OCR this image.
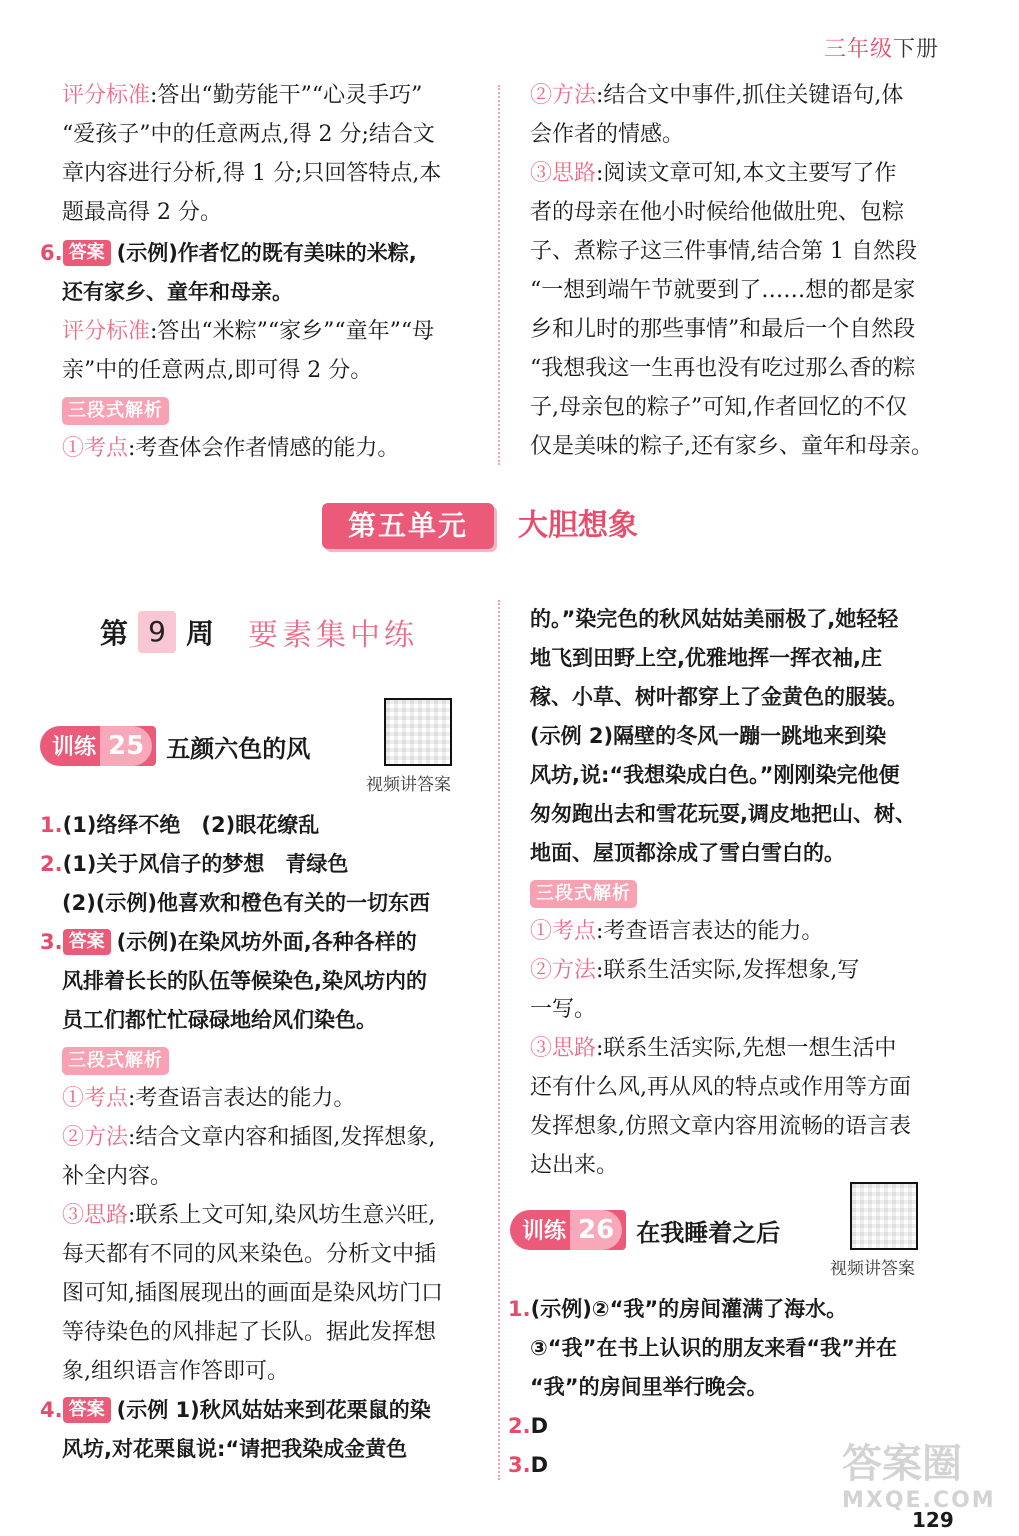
三年级下册
评分标准:答出“勤劳能干”“心灵手巧”
“爱孩子”中的任意两点,得 2 分;结合文
章内容进行分析,得 1 分;只回答特点,本
题最高得 2 分。
6. 答案 (示例)作者忆的既有美味的米粽,
还有家乡、童年和母亲。
评分标准:答出“米粽”“家乡”“童年”“母
亲”中的任意两点,即可得 2 分。
三段式解析
①考点:考查体会作者情感的能力。
②方法:结合文中事件,抓住关键语句,体
会作者的情感。
③思路:阅读文章可知,本文主要写了作
者的母亲在他小时候给他做肚兜、包粽
子、煮粽子这三件事情,结合第 1 自然段
“一想到端午节就要到了……想的都是家
乡和儿时的那些事情”和最后一个自然段
“我想我这一生再也没有吃过那么香的粽
子,母亲包的粽子”可知,作者回忆的不仅
仅是美味的粽子,还有家乡、童年和母亲。
第五单元	大胆想象
第 9 周 要素集中练
训练 25 五颜六色的风
视频讲答案
1.(1)络绎不绝　(2)眼花缭乱
2.(1)关于风信子的梦想　青绿色
(2)(示例)他喜欢和橙色有关的一切东西
3. 答案 (示例)在染风坊外面,各种各样的
风排着长长的队伍等候染色,染风坊内的
员工们都忙忙碌碌地给风们染色。
三段式解析
①考点:考查语言表达的能力。
②方法:结合文章内容和插图,发挥想象,
补全内容。
③思路:联系上文可知,染风坊生意兴旺,
每天都有不同的风来染色。分析文中插
图可知,插图展现出的画面是染风坊门口
等待染色的风排起了长队。据此发挥想
象,组织语言作答即可。
4. 答案 (示例 1)秋风姑姑来到花栗鼠的染
风坊,对花栗鼠说:“请把我染成金黄色
的。”染完色的秋风姑姑美丽极了,她轻轻
地飞到田野上空,优雅地挥一挥衣袖,庄
稼、小草、树叶都穿上了金黄色的服装。
(示例 2)隔壁的冬风一蹦一跳地来到染
风坊,说:“我想染成白色。”刚刚染完他便
匆匆跑出去和雪花玩耍,调皮地把山、树、
地面、屋顶都涂成了雪白雪白的。
三段式解析
①考点:考查语言表达的能力。
②方法:联系生活实际,发挥想象,写
一写。
③思路:联系生活实际,先想一想生活中
还有什么风,再从风的特点或作用等方面
发挥想象,仿照文章内容用流畅的语言表
达出来。
训练 26 在我睡着之后
视频讲答案
1.(示例)②“我”的房间灌满了海水。
③“我”在书上认识的朋友来看“我”并在
“我”的房间里举行晚会。
2.D
3.D	答案圈
MXQE.COM
129
